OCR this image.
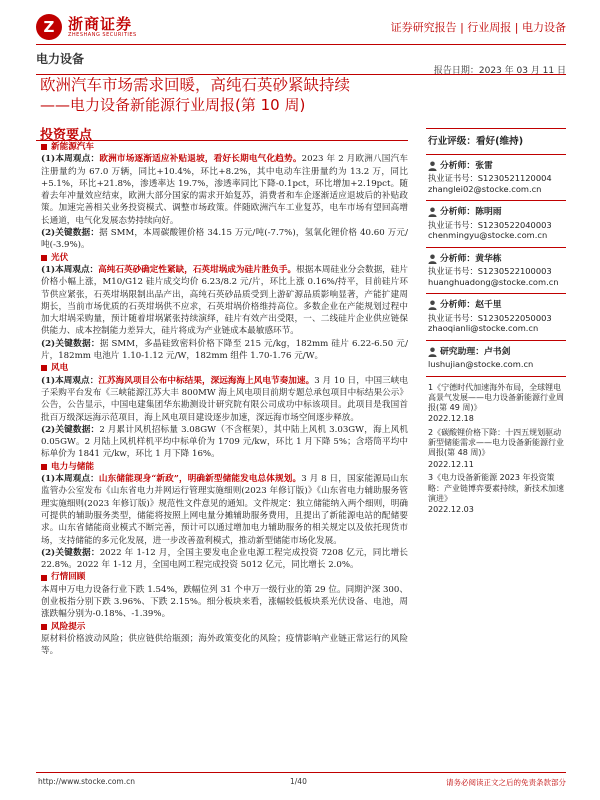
Z 浙商证券
ZHESHANG SECURITIES
证券研究报告 | 行业周报 | 电力设备
电力设备
报告日期：2023 年 03 月 11 日
欧洲汽车市场需求回暖，高纯石英砂紧缺持续
——电力设备新能源行业周报(第 10 周)
投资要点
新能源汽车

(1)本周观点：欧洲市场逐渐适应补贴退坡，看好长期电气化趋势。2023 年 2 月欧洲八国汽车注册量约为 67.0 万辆，同比+10.4%，环比+8.2%，其中电动车注册量约为 13.2 万，同比+5.1%，环比+21.8%，渗透率达 19.7%，渗透率同比下降-0.1pct，环比增加+2.19pct。随着去年冲量效应结束，欧洲大部分国家的需求开始复苏，消费者和车企逐渐适应退坡后的补贴政策。加速完善相关业务投资模式、调整市场政策。伴随欧洲汽车工业复苏，电车市场有望回高增长通道，电气化发展态势持续向好。

(2)关键数据：据 SMM，本周碳酸锂价格 34.15 万元/吨(-7.7%)，氢氧化锂价格 40.60 万元/吨(-3.9%)。

光伏

(1)本周观点：高纯石英砂确定性紧缺，石英坩埚成为硅片胜负手。根据本周硅业分会数据，硅片价格小幅上涨，M10/G12 硅片成交均价 6.23/8.2 元/片，环比上涨 0.16%/持平，目前硅片环节供应紧张，石英坩埚限制出品产出，高纯石英砂品质受到上游矿源品质影响显著，产能扩建周期长，当前市场优质的石英坩埚供不应求，石英坩埚价格维持高位。多数企业在产能规划过程中加大坩埚采购量，预计随着坩埚紧张持续演绎，硅片有效产出受限，一、二线硅片企业供应链保供能力、成本控制能力差异大，硅片将成为产业链成本最敏感环节。

(2)关键数据：据 SMM，多晶硅致密料价格下降至 215 元/kg，182mm 硅片 6.22-6.50 元/片，182mm 电池片 1.10-1.12 元/W，182mm 组件 1.70-1.76 元/W。

风电

(1)本周观点：江苏海风项目公布中标结果，深远海海上风电节奏加速。3 月 10 日，中国三峡电子采购平台发布《三峡能源江苏大丰 800MW 海上风电项目前期专题总承包项目中标结果公示》公告，公告显示，中国电建集团华东勘测设计研究院有限公司成功中标该项目。此项目是我国首批百万级深远海示范项目，海上风电项目建设逐步加速，深远海市场空间逐步释放。

(2)关键数据：2 月累计风机招标量 3.08GW（不含框架），其中陆上风机 3.03GW，海上风机 0.05GW。2 月陆上风机样机平均中标单价为 1709 元/kw，环比 1 月下降 5%；含塔筒平均中标单价为 1841 元/kw，环比 1 月下降 16%。

电力与储能

(1)本周观点：山东储能现身“新政”，明确新型储能发电总体规划。3 月 8 日，国家能源局山东监管办公室发布《山东省电力并网运行管理实施细则(2023 年修订版)》《山东省电力辅助服务管理实施细则(2023 年修订版)》规范性文件意见的通知。文件规定：独立储能纳入两个细则，明确可提供的辅助服务类型，储能将按照上网电量分摊辅助服务费用，且提出了新能源电站的配储要求。山东省储能商业模式不断完善，预计可以通过增加电力辅助服务的相关规定以及依托现货市场，支持储能的多元化发展，进一步改善盈利模式，推动新型储能市场化发展。

(2)关键数据：2022 年 1-12 月，全国主要发电企业电源工程完成投资 7208 亿元，同比增长 22.8%。2022 年 1-12 月，全国电网工程完成投资 5012 亿元，同比增长 2.0%。

行情回顾

本周申万电力设备行业下跌 1.54%，跌幅位列 31 个申万一级行业的第 29 位。同期沪深 300、创业板指分别下跌 3.96%、下跌 2.15%。细分板块来看，涨幅较低板块系光伏设备、电池，周涨跌幅分别为-0.18%、-1.39%。

风险提示

原材料价格波动风险；供应链供给瓶颈；海外政策变化的风险；疫情影响产业链正常运行的风险等。

行业评级：看好(维持)
分析师：张雷
执业证书号：S1230521120004
zhanglei02@stocke.com.cn
分析师：陈明雨
执业证书号：S1230522040003
chenmingyu@stocke.com.cn
分析师：黄华栋
执业证书号：S1230522100003
huanghuadong@stocke.com.cn
分析师：赵千里
执业证书号：S1230522050003
zhaoqianli@stocke.com.cn
研究助理：卢书剑
lushujian@stocke.com.cn
1《宁德时代加速海外布局，全球锂电高景气发展——电力设备新能源行业周报(第 49 周)》
2022.12.18
2《碳酸锂价格下降：十四五规划驱动新型储能需求——电力设备新能源行业周报(第 48 周)》
2022.12.11
3《电力设备新能源 2023 年投资策略：产业链博弈要素持续，新技术加速演进》
2022.12.03
http://www.stocke.com.cn	1/40	请务必阅读正文之后的免责条款部分
